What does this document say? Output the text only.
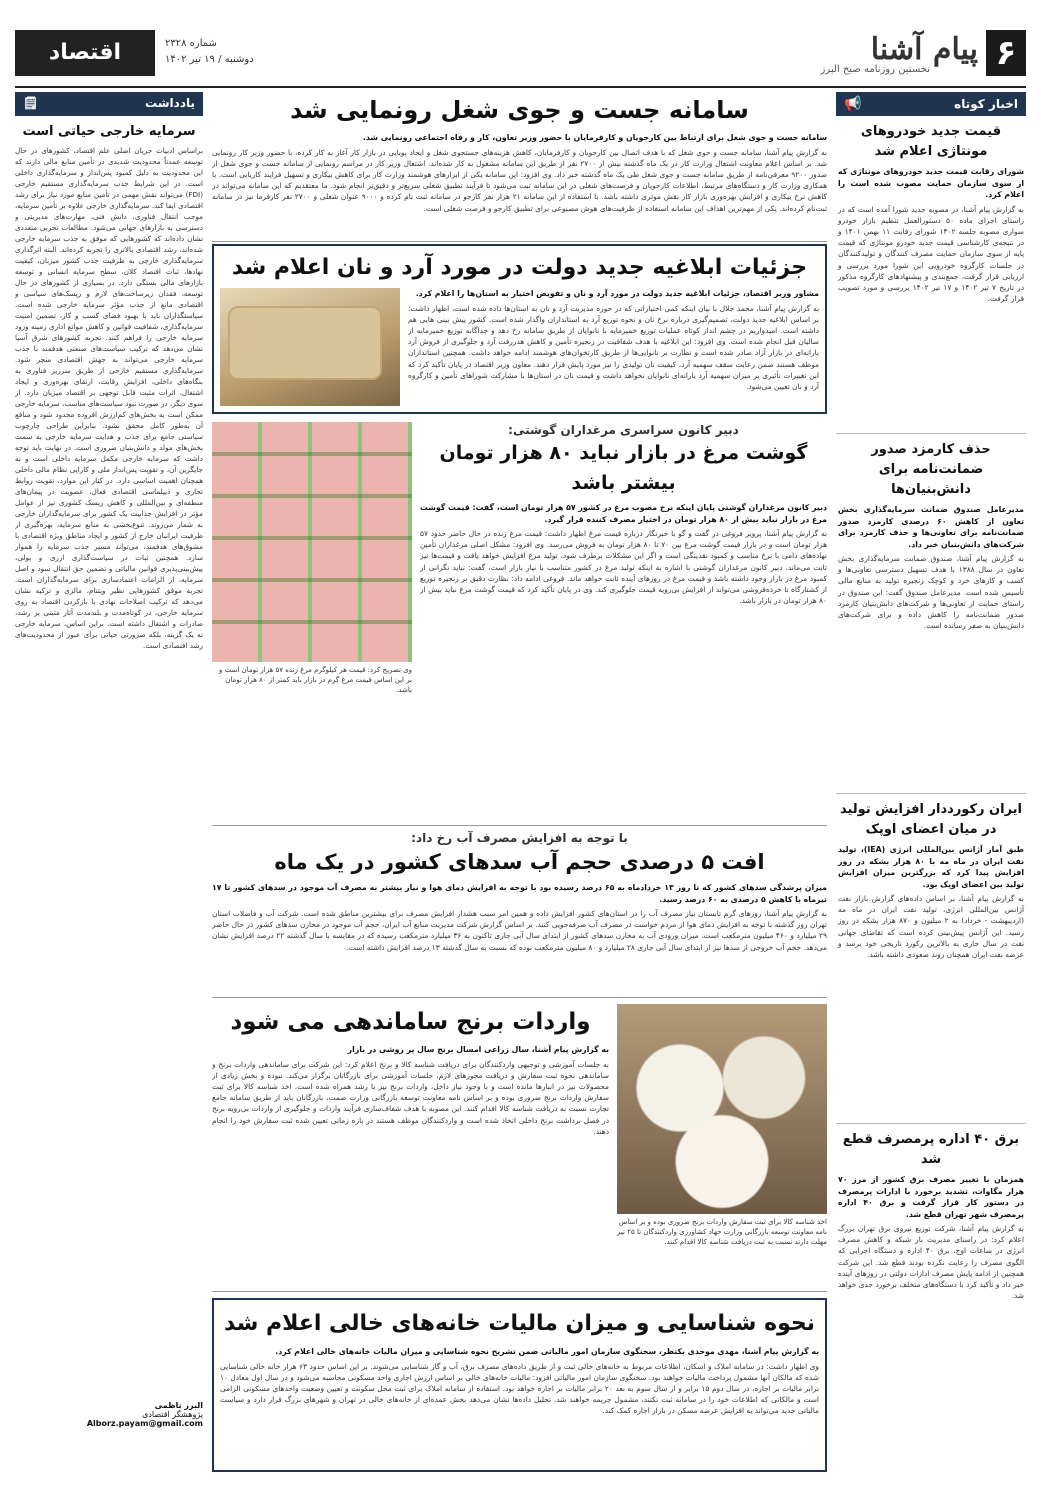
۶
پیام آشنا
نخستین روزنامه صبح البرز
شماره ۲۳۲۸
دوشنبه / ۱۹ تیر ۱۴۰۲
اقتصاد
اخبار کوتاه
📢
قیمت جدید خودروهای مونتاژی اعلام شد

شورای رقابت قیمت جدید خودروهای مونتاژی که از سوی سازمان حمایت مصوب شده است را اعلام کرد.

به گزارش پیام آشنا، در مصوبه جدید شورا آمده است که در راستای اجرای ماده ۵۰ دستورالعمل تنظیم بازار خودرو سواری مصوبه جلسه ۱۴۰۲ شورای رقابت ۱۱ بهمن ۱۴۰۱ و در نتیجه‌ی کارشناسی قیمت جدید خودرو مونتاژی که قیمت پایه از سوی سازمان حمایت مصرف کنندگان و تولیدکنندگان در جلسات کارگروه خودرویی این شورا مورد بررسی و ارزیابی قرار گرفت، جمع‌بندی و پیشنهادهای کارگروه مذکور در تاریخ ۷ تیر ۱۴۰۲ و ۱۷ تیر ۱۴۰۲ بررسی و مورد تصویب قرار گرفت.

حذف کارمزد صدور ضمانت‌نامه برای دانش‌بنیان‌ها

مدیرعامل صندوق ضمانت سرمایه‌گذاری بخش تعاون از کاهش ۶۰ درصدی کارمزد صدور ضمانت‌نامه برای تعاونی‌ها و حذف کارمزد برای شرکت‌های دانش‌بنیان خبر داد.

به گزارش پیام آشنا، صندوق ضمانت سرمایه‌گذاری بخش تعاون در سال ۱۳۸۸ با هدف تسهیل دسترسی تعاونی‌ها و کسب و کارهای خرد و کوچک زنجیره تولید به منابع مالی تأسیس شده است. مدیرعامل صندوق گفت: این صندوق در راستای حمایت از تعاونی‌ها و شرکت‌های دانش‌بنیان کارمزد صدور ضمانت‌نامه را کاهش داده و برای شرکت‌های دانش‌بنیان به صفر رسانده است.

ایران رکورددار افزایش تولید در میان اعضای اوپک

طبق آمار آژانس بین‌المللی انرژی (IEA)، تولید نفت ایران در ماه مه با ۸۰ هزار بشکه در روز افزایش پیدا کرد که بزرگترین میزان افزایش تولید بین اعضای اوپک بود.

به گزارش پیام آشنا، بر اساس داده‌های گزارش بازار نفت آژانس بین‌المللی انرژی، تولید نفت ایران در ماه مه (اردیبهشت - خرداد) به ۲ میلیون و ۸۷۰ هزار بشکه در روز رسید. این آژانس پیش‌بینی کرده است که تقاضای جهانی نفت در سال جاری به بالاترین رکورد تاریخی خود برسد و عرضه نفت ایران همچنان روند صعودی داشته باشد.

برق ۴۰ اداره پرمصرف قطع شد

همزمان با تغییر مصرف برق کشور از مرز ۷۰ هزار مگاوات، تشدید برخورد با ادارات پرمصرف در دستور کار قرار گرفت و برق ۴۰ اداره پرمصرف شهر تهران قطع شد.

به گزارش پیام آشنا، شرکت توزیع نیروی برق تهران بزرگ اعلام کرد: در راستای مدیریت بار شبکه و کاهش مصرف انرژی در ساعات اوج، برق ۴۰ اداره و دستگاه اجرایی که الگوی مصرف را رعایت نکرده بودند قطع شد. این شرکت همچنین از ادامه پایش مصرف ادارات دولتی در روزهای آینده خبر داد و تأکید کرد با دستگاه‌های متخلف برخورد جدی خواهد شد.

یادداشت
🗒
سرمایه خارجی حیاتی است
براساس ادبیات جریان اصلی علم اقتصاد، کشورهای در حال توسعه عمدتاً محدودیت شدیدی در تأمین منابع مالی دارند که این محدودیت به دلیل کمبود پس‌انداز و سرمایه‌گذاری داخلی است. در این شرایط جذب سرمایه‌گذاری مستقیم خارجی (FDI) می‌تواند نقش مهمی در تأمین منابع مورد نیاز برای رشد اقتصادی ایفا کند. سرمایه‌گذاری خارجی علاوه بر تأمین سرمایه، موجب انتقال فناوری، دانش فنی، مهارت‌های مدیریتی و دسترسی به بازارهای جهانی می‌شود. مطالعات تجربی متعددی نشان داده‌اند که کشورهایی که موفق به جذب سرمایه خارجی شده‌اند، رشد اقتصادی بالاتری را تجربه کرده‌اند. البته اثرگذاری سرمایه‌گذاری خارجی به ظرفیت جذب کشور میزبان، کیفیت نهادها، ثبات اقتصاد کلان، سطح سرمایه انسانی و توسعه بازارهای مالی بستگی دارد. در بسیاری از کشورهای در حال توسعه، فقدان زیرساخت‌های لازم و ریسک‌های سیاسی و اقتصادی مانع از جذب مؤثر سرمایه خارجی شده است. سیاستگذاران باید با بهبود فضای کسب و کار، تضمین امنیت سرمایه‌گذاری، شفافیت قوانین و کاهش موانع اداری زمینه ورود سرمایه خارجی را فراهم کنند. تجربه کشورهای شرق آسیا نشان می‌دهد که ترکیب سیاست‌های صنعتی هدفمند با جذب سرمایه خارجی می‌تواند به جهش اقتصادی منجر شود. سرمایه‌گذاری مستقیم خارجی از طریق سرریز فناوری به بنگاه‌های داخلی، افزایش رقابت، ارتقای بهره‌وری و ایجاد اشتغال، اثرات مثبت قابل توجهی بر اقتصاد میزبان دارد. از سوی دیگر، در صورت نبود سیاست‌های مناسب، سرمایه خارجی ممکن است به بخش‌های کم‌ارزش افزوده محدود شود و منافع آن به‌طور کامل محقق نشود. بنابراین طراحی چارچوب سیاستی جامع برای جذب و هدایت سرمایه خارجی به سمت بخش‌های مولد و دانش‌بنیان ضروری است. در نهایت باید توجه داشت که سرمایه خارجی مکمل سرمایه داخلی است و نه جایگزین آن، و تقویت پس‌انداز ملی و کارایی نظام مالی داخلی همچنان اهمیت اساسی دارد. در کنار این موارد، تقویت روابط تجاری و دیپلماسی اقتصادی فعال، عضویت در پیمان‌های منطقه‌ای و بین‌المللی و کاهش ریسک کشوری نیز از عوامل مؤثر در افزایش جذابیت یک کشور برای سرمایه‌گذاران خارجی به شمار می‌روند. تنوع‌بخشی به منابع سرمایه، بهره‌گیری از ظرفیت ایرانیان خارج از کشور و ایجاد مناطق ویژه اقتصادی با مشوق‌های هدفمند، می‌تواند مسیر جذب سرمایه را هموار سازد. همچنین ثبات در سیاست‌گذاری ارزی و پولی، پیش‌بینی‌پذیری قوانین مالیاتی و تضمین حق انتقال سود و اصل سرمایه، از الزامات اعتمادسازی برای سرمایه‌گذاران است. تجربه موفق کشورهایی نظیر ویتنام، مالزی و ترکیه نشان می‌دهد که ترکیب اصلاحات نهادی با بازکردن اقتصاد به روی سرمایه خارجی، در کوتاه‌مدت و بلندمدت آثار مثبتی بر رشد، صادرات و اشتغال داشته است. براین اساس، سرمایه خارجی نه یک گزینه، بلکه ضرورتی حیاتی برای عبور از محدودیت‌های رشد اقتصادی است.
البرز ناظمی
پژوهشگر اقتصادی
Alborz.payam@gmail.com
سامانه جست و جوی شغل رونمایی شد

سامانه جست و جوی شغل برای ارتباط بین کارجویان و کارفرمایان با حضور وزیر تعاون، کار و رفاه اجتماعی رونمایی شد.

به گزارش پیام آشنا، سامانه جست و جوی شغل که با هدف اتصال بین کارجویان و کارفرمایان، کاهش هزینه‌های جستجوی شغل و ایجاد پویایی در بازار کار آغاز به کار کرده، با حضور وزیر کار رونمایی شد. بر اساس اعلام معاونت اشتغال وزارت کار در یک ماه گذشته بیش از ۲۷۰۰ نفر از طریق این سامانه مشغول به کار شده‌اند. اشتغال وزیر کار در مراسم رونمایی از سامانه جست و جوی شغل از صدور ۹۲۰۰ معرفی‌نامه از طریق سامانه جست و جوی شغل طی یک ماه گذشته خبر داد. وی افزود: این سامانه یکی از ابزارهای هوشمند وزارت کار برای کاهش بیکاری و تسهیل فرایند کاریابی است. با همکاری وزارت کار و دستگاه‌های مرتبط، اطلاعات کارجویان و فرصت‌های شغلی در این سامانه ثبت می‌شود تا فرآیند تطبیق شغلی سریع‌تر و دقیق‌تر انجام شود. ما معتقدیم که این سامانه می‌تواند در کاهش نرخ بیکاری و افزایش بهره‌وری بازار کار نقش موثری داشته باشد. با استفاده از این سامانه ۲۱ هزار نفر کارجو در سامانه ثبت نام کرده و ۹۰۰۰ عنوان شغلی و ۲۷۰۰ نفر کارفرما نیز در سامانه ثبت‌نام کرده‌اند. یکی از مهم‌ترین اهداف این سامانه استفاده از ظرفیت‌های هوش مصنوعی برای تطبیق کارجو و فرصت شغلی است.

جزئیات ابلاغیه جدید دولت در مورد آرد و نان اعلام شد

مشاور وزیر اقتصاد، جزئیات ابلاغیه جدید دولت در مورد آرد و نان و تفویض اختیار به استان‌ها را اعلام کرد.

به گزارش پیام آشنا، محمد جلال با بیان اینکه کمی اختیاراتی که در حوزه مدیریت آرد و نان به استان‌ها داده شده است، اظهار داشت: بر اساس ابلاغیه جدید دولت، تصمیم‌گیری درباره نرخ نان و نحوه توزیع آرد به استانداران واگذار شده است. کشور پیش بینی هایی هم داشته است. امیدواریم در چشم انداز کوتاه عملیات توزیع خمیرمایه با نانوایان از طریق سامانه رخ دهد و جداگانه توزیع خمیرمایه از سالیان قبل انجام شده است. وی افزود: این ابلاغیه با هدف شفافیت در زنجیره تأمین و کاهش هدررفت آرد و جلوگیری از فروش آرد یارانه‌ای در بازار آزاد صادر شده است و نظارت بر نانوایی‌ها از طریق کارتخوان‌های هوشمند ادامه خواهد داشت. همچنین استانداران موظف هستند ضمن رعایت سقف سهمیه آرد، کیفیت نان تولیدی را نیز مورد پایش قرار دهند. معاون وزیر اقتصاد در پایان تأکید کرد که این تغییرات تأثیری بر میزان سهمیه آرد یارانه‌ای نانوایان نخواهد داشت و قیمت نان در استان‌ها با مشارکت شوراهای تأمین و کارگروه آرد و نان تعیین می‌شود.

دبیر کانون سراسری مرغداران گوشتی:
گوشت مرغ در بازار نباید ۸۰ هزار تومان بیشتر باشد

دبیر کانون مرغداران گوشتی پایان اینکه نرخ مصوب مرغ در کشور ۵۷ هزار تومان است، گفت: قیمت گوشت مرغ در بازار نباید بیش از ۸۰ هزار تومان در اختیار مصرف کننده قرار گیرد.

به گزارش پیام آشنا، پرویز فروغی در گفت و گو با خبرنگار درباره قیمت مرغ اظهار داشت: قیمت مرغ زنده در حال حاضر حدود ۵۷ هزار تومان است و در بازار قیمت گوشت مرغ بین ۷۰ تا ۸۰ هزار تومان به فروش می‌رسد. وی افزود: مشکل اصلی مرغداران تأمین نهاده‌های دامی با نرخ مناسب و کمبود نقدینگی است و اگر این مشکلات برطرف شود، تولید مرغ افزایش خواهد یافت و قیمت‌ها نیز ثابت می‌ماند. دبیر کانون مرغداران گوشتی با اشاره به اینکه تولید مرغ در کشور متناسب با نیاز بازار است، گفت: نباید نگرانی از کمبود مرغ در بازار وجود داشته باشد و قیمت مرغ در روزهای آینده ثابت خواهد ماند. فروغی ادامه داد: نظارت دقیق بر زنجیره توزیع از کشتارگاه تا خرده‌فروشی می‌تواند از افزایش بی‌رویه قیمت جلوگیری کند. وی در پایان تأکید کرد که قیمت گوشت مرغ نباید بیش از ۸۰ هزار تومان در بازار باشد.

وی تصریح کرد: قیمت هر کیلوگرم مرغ زنده ۵۷ هزار تومان است و بر این اساس قیمت مرغ گرم در بازار باید کمتر از ۸۰ هزار تومان باشد.

با توجه به افزایش مصرف آب رخ داد:
افت ۵ درصدی حجم آب سدهای کشور در یک ماه

میزان پرشدگی سدهای کشور که تا روز ۱۳ خردادماه به ۶۵ درصد رسیده بود با توجه به افزایش دمای هوا و نیاز بیشتر به مصرف آب موجود در سدهای کشور تا ۱۷ تیرماه با کاهش ۵ درصدی به ۶۰ درصد رسید.

به گزارش پیام آشنا، روزهای گرم تابستان نیاز مصرف آب را در استان‌های کشور افزایش داده و همین امر سبب هشدار افزایش مصرف برای بیشترین مناطق شده است. شرکت آب و فاضلاب استان تهران روز گذشته با توجه به افزایش دمای هوا از مردم خواست در مصرف آب صرفه‌جویی کنند. بر اساس گزارش شرکت مدیریت منابع آب ایران، حجم آب موجود در مخازن سدهای کشور در حال حاضر ۲۹ میلیارد و ۴۶۰ میلیون مترمکعب است. میزان ورودی آب به مخازن سدهای کشور از ابتدای سال آبی جاری تاکنون به ۳۶ میلیارد مترمکعب رسیده که در مقایسه با سال گذشته ۲۲ درصد افزایش نشان می‌دهد. حجم آب خروجی از سدها نیز از ابتدای سال آبی جاری ۲۸ میلیارد و ۸۰ میلیون مترمکعب بوده که نسبت به سال گذشته ۱۳ درصد افزایش داشته است.

اخذ شناسه کالا برای ثبت سفارش واردات برنج ضروری بوده و بر اساس نامه معاونت توسعه بازرگانی وزارت جهاد کشاورزی واردکنندگان تا ۲۵ تیر مهلت دارند نسبت به ثبت دریافت شناسه کالا اقدام کنند.

واردات برنج ساماندهی می شود

به گزارش پیام آشنا، سال زراعی امسال برنج سال پر روشی در بازار

به جلسات آموزشی و توجیهی واردکنندگان برای دریافت شناسه کالا و برنج اعلام کرد: این شرکت برای ساماندهی واردات برنج و ساماندهی نحوه ثبت سفارش و دریافت مجوزهای لازم، جلسات آموزشی برای بازرگانان برگزار می‌کند. نبوده و بخش زیادی از محصولات نیز در انبارها مانده است و با وجود نیاز داخل، واردات برنج نیز با رشد همراه شده است. اخذ شناسه کالا برای ثبت سفارش واردات برنج ضروری بوده و بر اساس نامه معاونت توسعه بازرگانی وزارت صمت، بازرگانان باید از طریق سامانه جامع تجارت نسبت به دریافت شناسه کالا اقدام کنند. این مصوبه با هدف شفاف‌سازی فرآیند واردات و جلوگیری از واردات بی‌رویه برنج در فصل برداشت برنج داخلی اتخاذ شده است و واردکنندگان موظف هستند در بازه زمانی تعیین شده ثبت سفارش خود را انجام دهند.

نحوه شناسایی و میزان مالیات خانه‌های خالی اعلام شد

به گزارش پیام آشنا، مهدی موحدی بکنظر، سخنگوی سازمان امور مالیاتی ضمن تشریح نحوه شناسایی و میزان مالیات خانه‌های خالی اعلام کرد.

وی اظهار داشت: در سامانه املاک و اسکان، اطلاعات مربوط به خانه‌های خالی ثبت و از طریق داده‌های مصرف برق، آب و گاز شناسایی می‌شوند. بر این اساس حدود ۶۳ هزار خانه خالی شناسایی شده که مالکان آنها مشمول پرداخت مالیات خواهند بود. سخنگوی سازمان امور مالیاتی افزود: مالیات خانه‌های خالی بر اساس ارزش اجاری واحد مسکونی محاسبه می‌شود و در سال اول معادل ۱۰ برابر مالیات بر اجاره، در سال دوم ۱۵ برابر و از سال سوم به بعد ۲۰ برابر مالیات بر اجاره خواهد بود. استفاده از سامانه املاک برای ثبت محل سکونت و تعیین وضعیت واحدهای مسکونی الزامی است و مالکانی که اطلاعات خود را در سامانه ثبت نکنند، مشمول جریمه خواهند شد. تحلیل داده‌ها نشان می‌دهد بخش عمده‌ای از خانه‌های خالی در تهران و شهرهای بزرگ قرار دارد و سیاست مالیاتی جدید می‌تواند به افزایش عرضه مسکن در بازار اجاره کمک کند.
